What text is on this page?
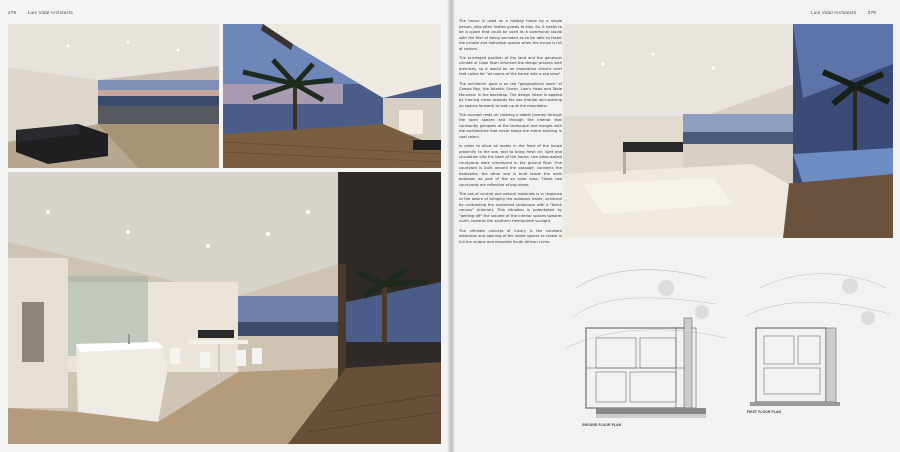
278 Luis Vidal Architects	Luis Vidal Architects 279

The house is used as a holiday home by a single person, who often invites guests to stay. So, it needs to be a space that could be used as a communal studio with the feel of being secluded as to be able to foster the private and individual spaces when the house is full of visitors.

The privileged position of the land and the generous climate of Cape Town informed the design process with premises, so it would be an imperative client's brief that called for "all rooms of the house with a sea view".

The architects' gaze is on the "geographical room" of Camps Bay, the Atlantic Ocean, Lion's Head and Table Mountain in the backdrop. The design intent is applied by framing views towards the sea (frontal and opening up spaces forward) to look up at the mountains.

The concept rests on creating a stable journey through the open spaces and through the interior that constantly glimpses at the landscape and merges with the architecture that never keeps the entire building in cool colors.

In order to allow all rooms in the front of the house proximity to the sea, and to bring fresh air, light and circulation into the back of the house, two glass-walled courtyards were introduced in the ground floor. One courtyard is built around the passage, connects the bedrooms; the other one is built inside the main bedroom as part of the en suite area. These two courtyards are reflective of pay-views.

The use of neutral and natural materials is in response to the desire of bringing the outdoors inside, achieved by contrasting the exuberant landscape with a "blank canvas" (interior). This situation is potentiated by "peeling off" the volume of the interior spaces towards north, towards the southern Hemisphere sunlight.

The ultimate concept of luxury is the constant extension and opening of the inside spaces to reveal in full the unique and exquisite South African crime.

GROUND FLOOR PLAN
FIRST FLOOR PLAN
